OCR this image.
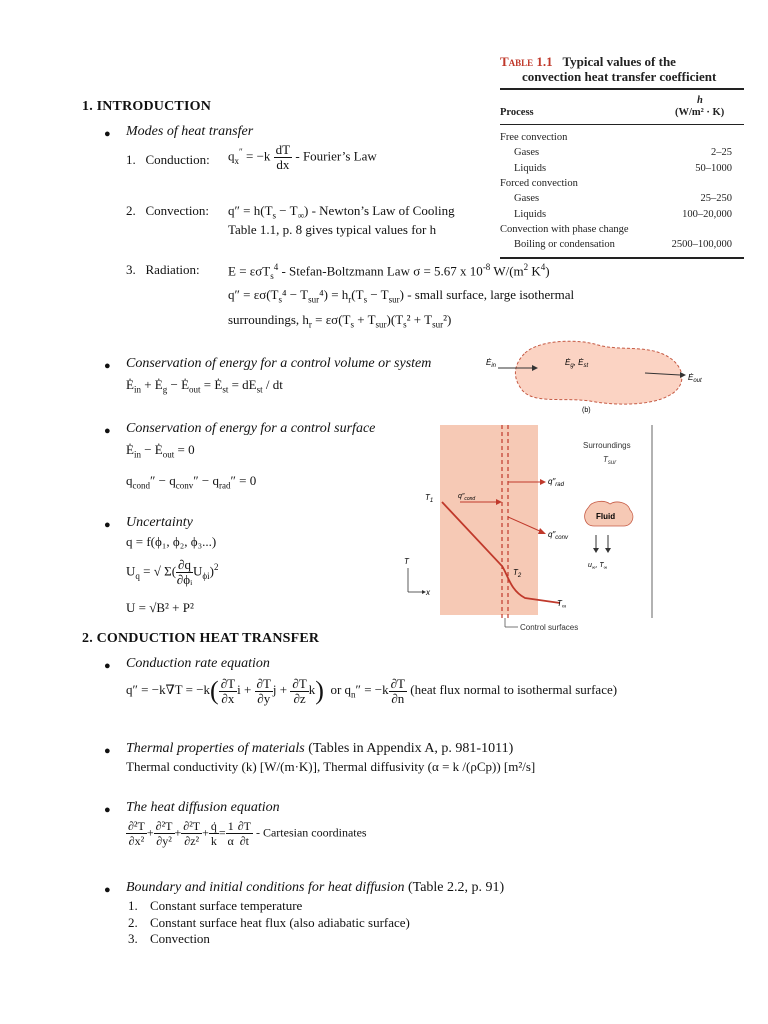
1. INTRODUCTION
● Modes of heat transfer
1. Conduction:	$q_x'' = -k \frac{dT}{dx}$ - Fourier’s Law
2. Convection: $q'' = h(T_s - T_\infty)$ - Newton’s Law of Cooling
Table 1.1, p. 8 gives typical values for h
3. Radiation: E = εσT$_s^4$ - Stefan-Boltzmann Law σ = 5.67 x $10^{-8}$ $W/(m^2$ $K^4$)
$q'' = \varepsilon\sigma(T_s^4 - T_{sur}^4) = h_r(T_s - T_{sur})$ - small surface, large isothermal
surroundings, $h_r = \varepsilon\sigma(T_s + T_{sur})(T_s^2 + T_{sur}^2)$
● Conservation of energy for a control volume or system
$Ė_{in}$ + $Ė_g$ − $Ė_{out}$ = $Ė_{st} = dE_{st}$ / dt
● Conservation of energy for a control surface
$Ė_{in}$ − $Ė_{out} = 0$
$q_{cond}'' - q_{conv}'' - q_{rad}'' = 0$
● Uncertainty
q = f(ϕ₁, ϕ₂, ϕ₃...)
$U_q$ = √ $\Sigma( \frac{\partial q}{\text{∂ϕᵢ}} U_{\phi i})^2$
U = √B² + P²
Table 1.1 Typical values of the
convection heat transfer coefficient
Process
h
(W/m² · K)
Free convection
Gases	2–25
Liquids	50–1000
Forced convection
Gases	25–250
Liquids	100–20,000
Convection with phase change
Boiling or condensation	2500–100,000
$Ė_{in}$	$Ė_g$, $Ė_{st}$
$Ė_{out}$
(b)
Control surfaces
Surroundings
$T_{sur}$
$q''_{rad}$
$q''_{cond}$
$q''_{conv}$
$T_1$
$T_2$
$T_\infty$
Fluid
$u_\infty$, $T_\infty$
T
x
2. CONDUCTION HEAT TRANSFER
● Conduction rate equation
$q'' = -k\nabla T = -k( \frac{\partial T}{\partial x}$ $i + \frac{\partial T}{\partial y}$ $j + \frac{\partial T}{\partial z} k$) or $q_n'' = -k \frac{\partial T}{\partial n}$ (heat flux normal to isothermal surface)
● Thermal properties of materials (Tables in Appendix A, p. 981-1011)
Thermal conductivity (k) [W/(m·K)], Thermal diffusivity (α = k /(ρCp)) [m²/s]
● The heat diffusion equation
$\frac{\text{∂²T}}{\text{∂x²}} + \frac{\text{∂²T}}{\text{∂y²}} + \frac{\text{∂²T}}{\text{∂z²}} + \frac{q̇}{k} = \frac{1}{\alpha} \frac{\partial T}{\partial t}$ - Cartesian coordinates
● Boundary and initial conditions for heat diffusion (Table 2.2, p. 91)
1. Constant surface temperature
2. Constant surface heat flux (also adiabatic surface)
3. Convection
